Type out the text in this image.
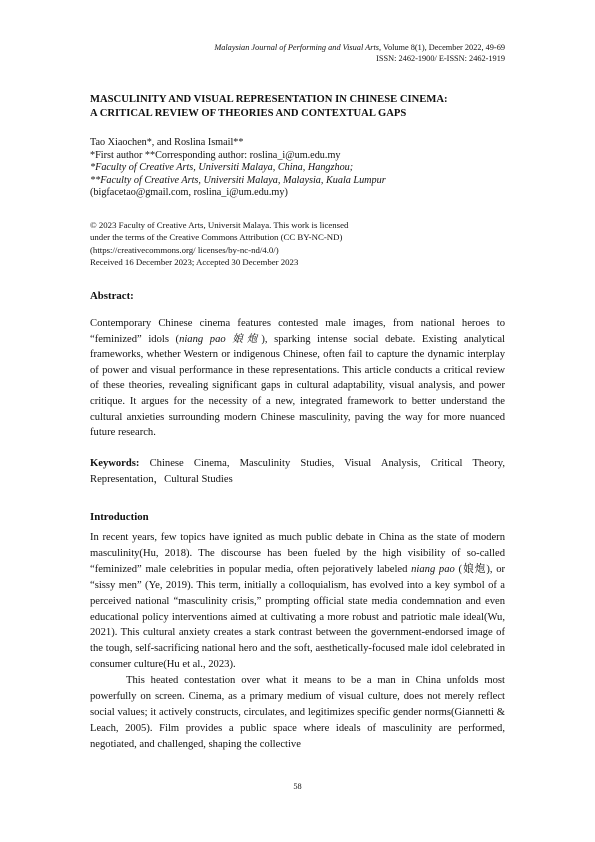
Malaysian Journal of Performing and Visual Arts, Volume 8(1), December 2022, 49-69
ISSN: 2462-1900/ E-ISSN: 2462-1919
MASCULINITY AND VISUAL REPRESENTATION IN CHINESE CINEMA:
A CRITICAL REVIEW OF THEORIES AND CONTEXTUAL GAPS
Tao Xiaochen*, and Roslina Ismail**
*First author **Corresponding author: roslina_i@um.edu.my
*Faculty of Creative Arts, Universiti Malaya, China, Hangzhou;
**Faculty of Creative Arts, Universiti Malaya, Malaysia, Kuala Lumpur
(bigfacetao@gmail.com, roslina_i@um.edu.my)
© 2023 Faculty of Creative Arts, Universit Malaya. This work is licensed
under the terms of the Creative Commons Attribution (CC BY-NC-ND)
(https://creativecommons.org/ licenses/by-nc-nd/4.0/)
Received 16 December 2023; Accepted 30 December 2023
Abstract:
Contemporary Chinese cinema features contested male images, from national heroes to “feminized” idols (niang pao 娘炮), sparking intense social debate. Existing analytical frameworks, whether Western or indigenous Chinese, often fail to capture the dynamic interplay of power and visual performance in these representations. This article conducts a critical review of these theories, revealing significant gaps in cultural adaptability, visual analysis, and power critique. It argues for the necessity of a new, integrated framework to better understand the cultural anxieties surrounding modern Chinese masculinity, paving the way for more nuanced future research.
Keywords: Chinese Cinema, Masculinity Studies, Visual Analysis, Critical Theory, Representation，Cultural Studies
Introduction

In recent years, few topics have ignited as much public debate in China as the state of modern masculinity(Hu, 2018). The discourse has been fueled by the high visibility of so-called “feminized” male celebrities in popular media, often pejoratively labeled niang pao (娘炮), or “sissy men” (Ye, 2019). This term, initially a colloquialism, has evolved into a key symbol of a perceived national “masculinity crisis,” prompting official state media condemnation and even educational policy interventions aimed at cultivating a more robust and patriotic male ideal(Wu, 2021). This cultural anxiety creates a stark contrast between the government-endorsed image of the tough, self-sacrificing national hero and the soft, aesthetically-focused male idol celebrated in consumer culture(Hu et al., 2023).

This heated contestation over what it means to be a man in China unfolds most powerfully on screen. Cinema, as a primary medium of visual culture, does not merely reflect social values; it actively constructs, circulates, and legitimizes specific gender norms(Giannetti & Leach, 2005). Film provides a public space where ideals of masculinity are performed, negotiated, and challenged, shaping the collective

58
